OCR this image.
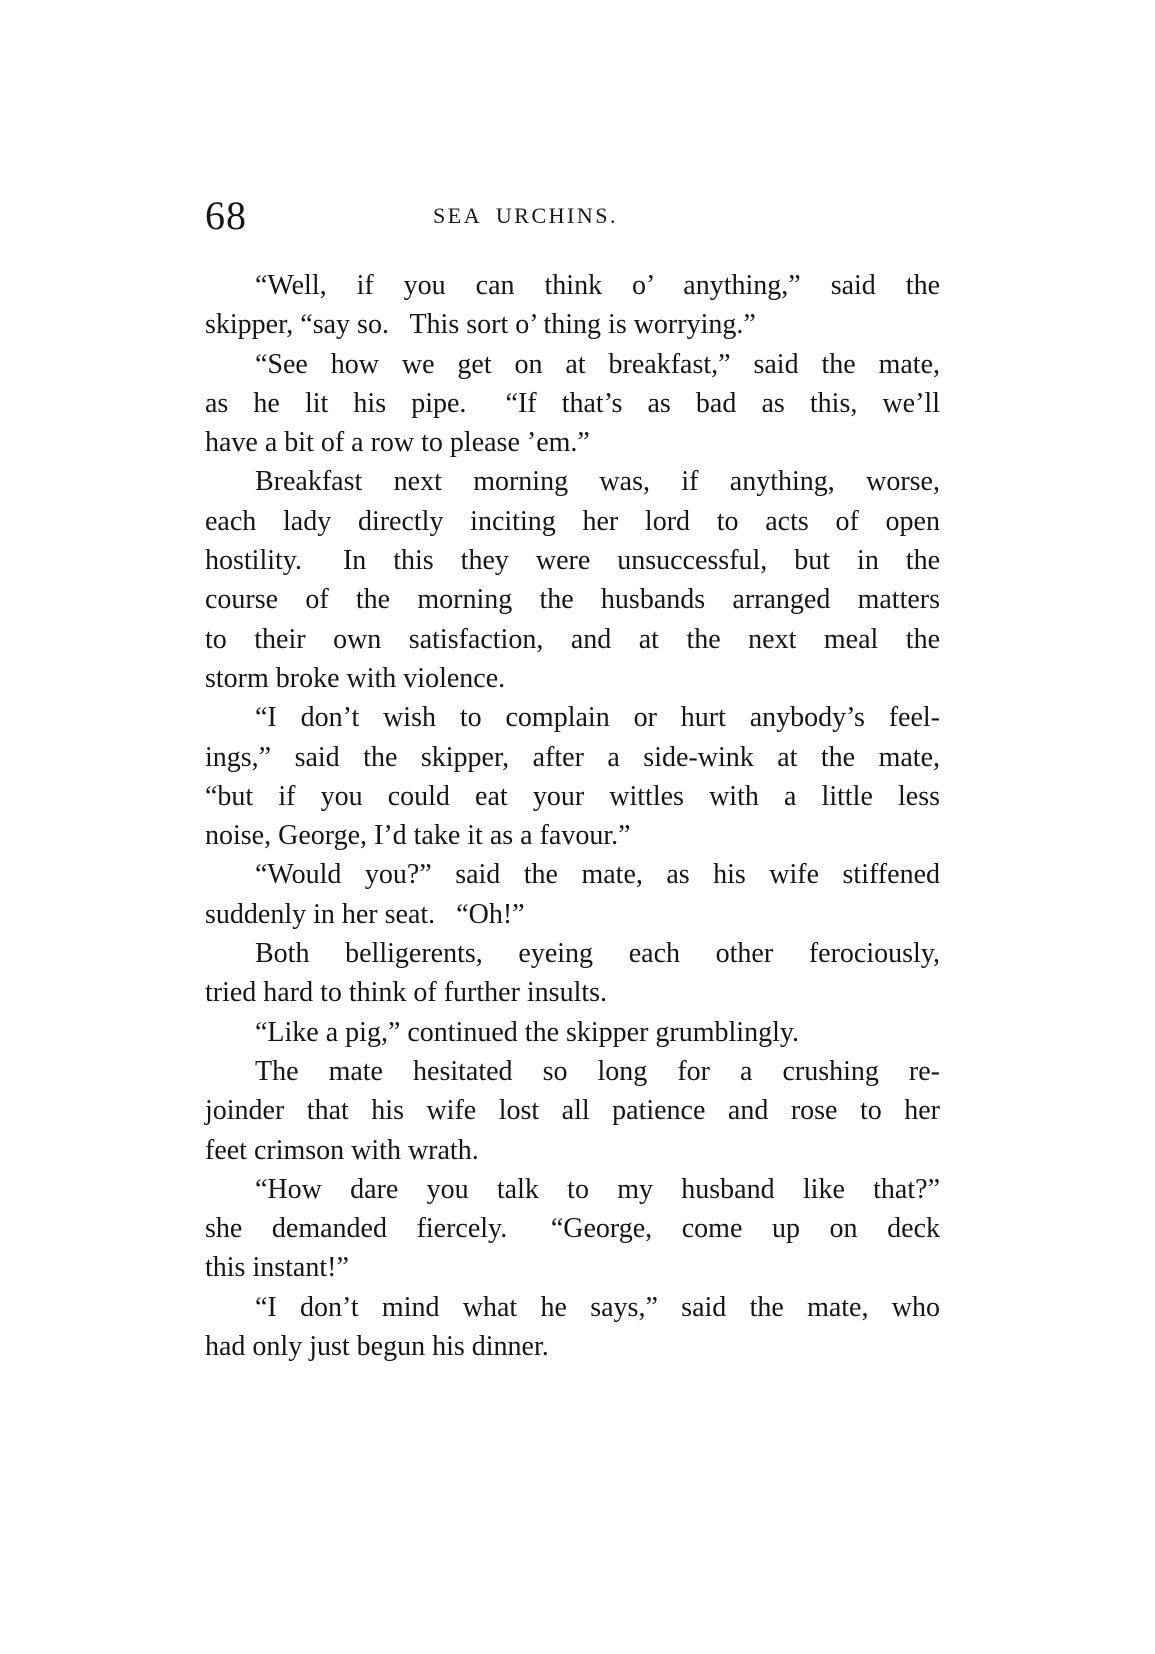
68	SEA URCHINS.
“Well, if you can think o’ anything,” said the
skipper, “say so.  This sort o’ thing is worrying.”
“See how we get on at breakfast,” said the mate,
as he lit his pipe.  “If that’s as bad as this, we’ll
have a bit of a row to please ’em.”
Breakfast next morning was, if anything, worse,
each lady directly inciting her lord to acts of open
hostility.  In this they were unsuccessful, but in the
course of the morning the husbands arranged matters
to their own satisfaction, and at the next meal the
storm broke with violence.
“I don’t wish to complain or hurt anybody’s feel-
ings,” said the skipper, after a side-wink at the mate,
“but if you could eat your wittles with a little less
noise, George, I’d take it as a favour.”
“Would you?” said the mate, as his wife stiffened
suddenly in her seat.  “Oh!”
Both belligerents, eyeing each other ferociously,
tried hard to think of further insults.
“Like a pig,” continued the skipper grumblingly.
The mate hesitated so long for a crushing re-
joinder that his wife lost all patience and rose to her
feet crimson with wrath.
“How dare you talk to my husband like that?”
she demanded fiercely.  “George, come up on deck
this instant!”
“I don’t mind what he says,” said the mate, who
had only just begun his dinner.
